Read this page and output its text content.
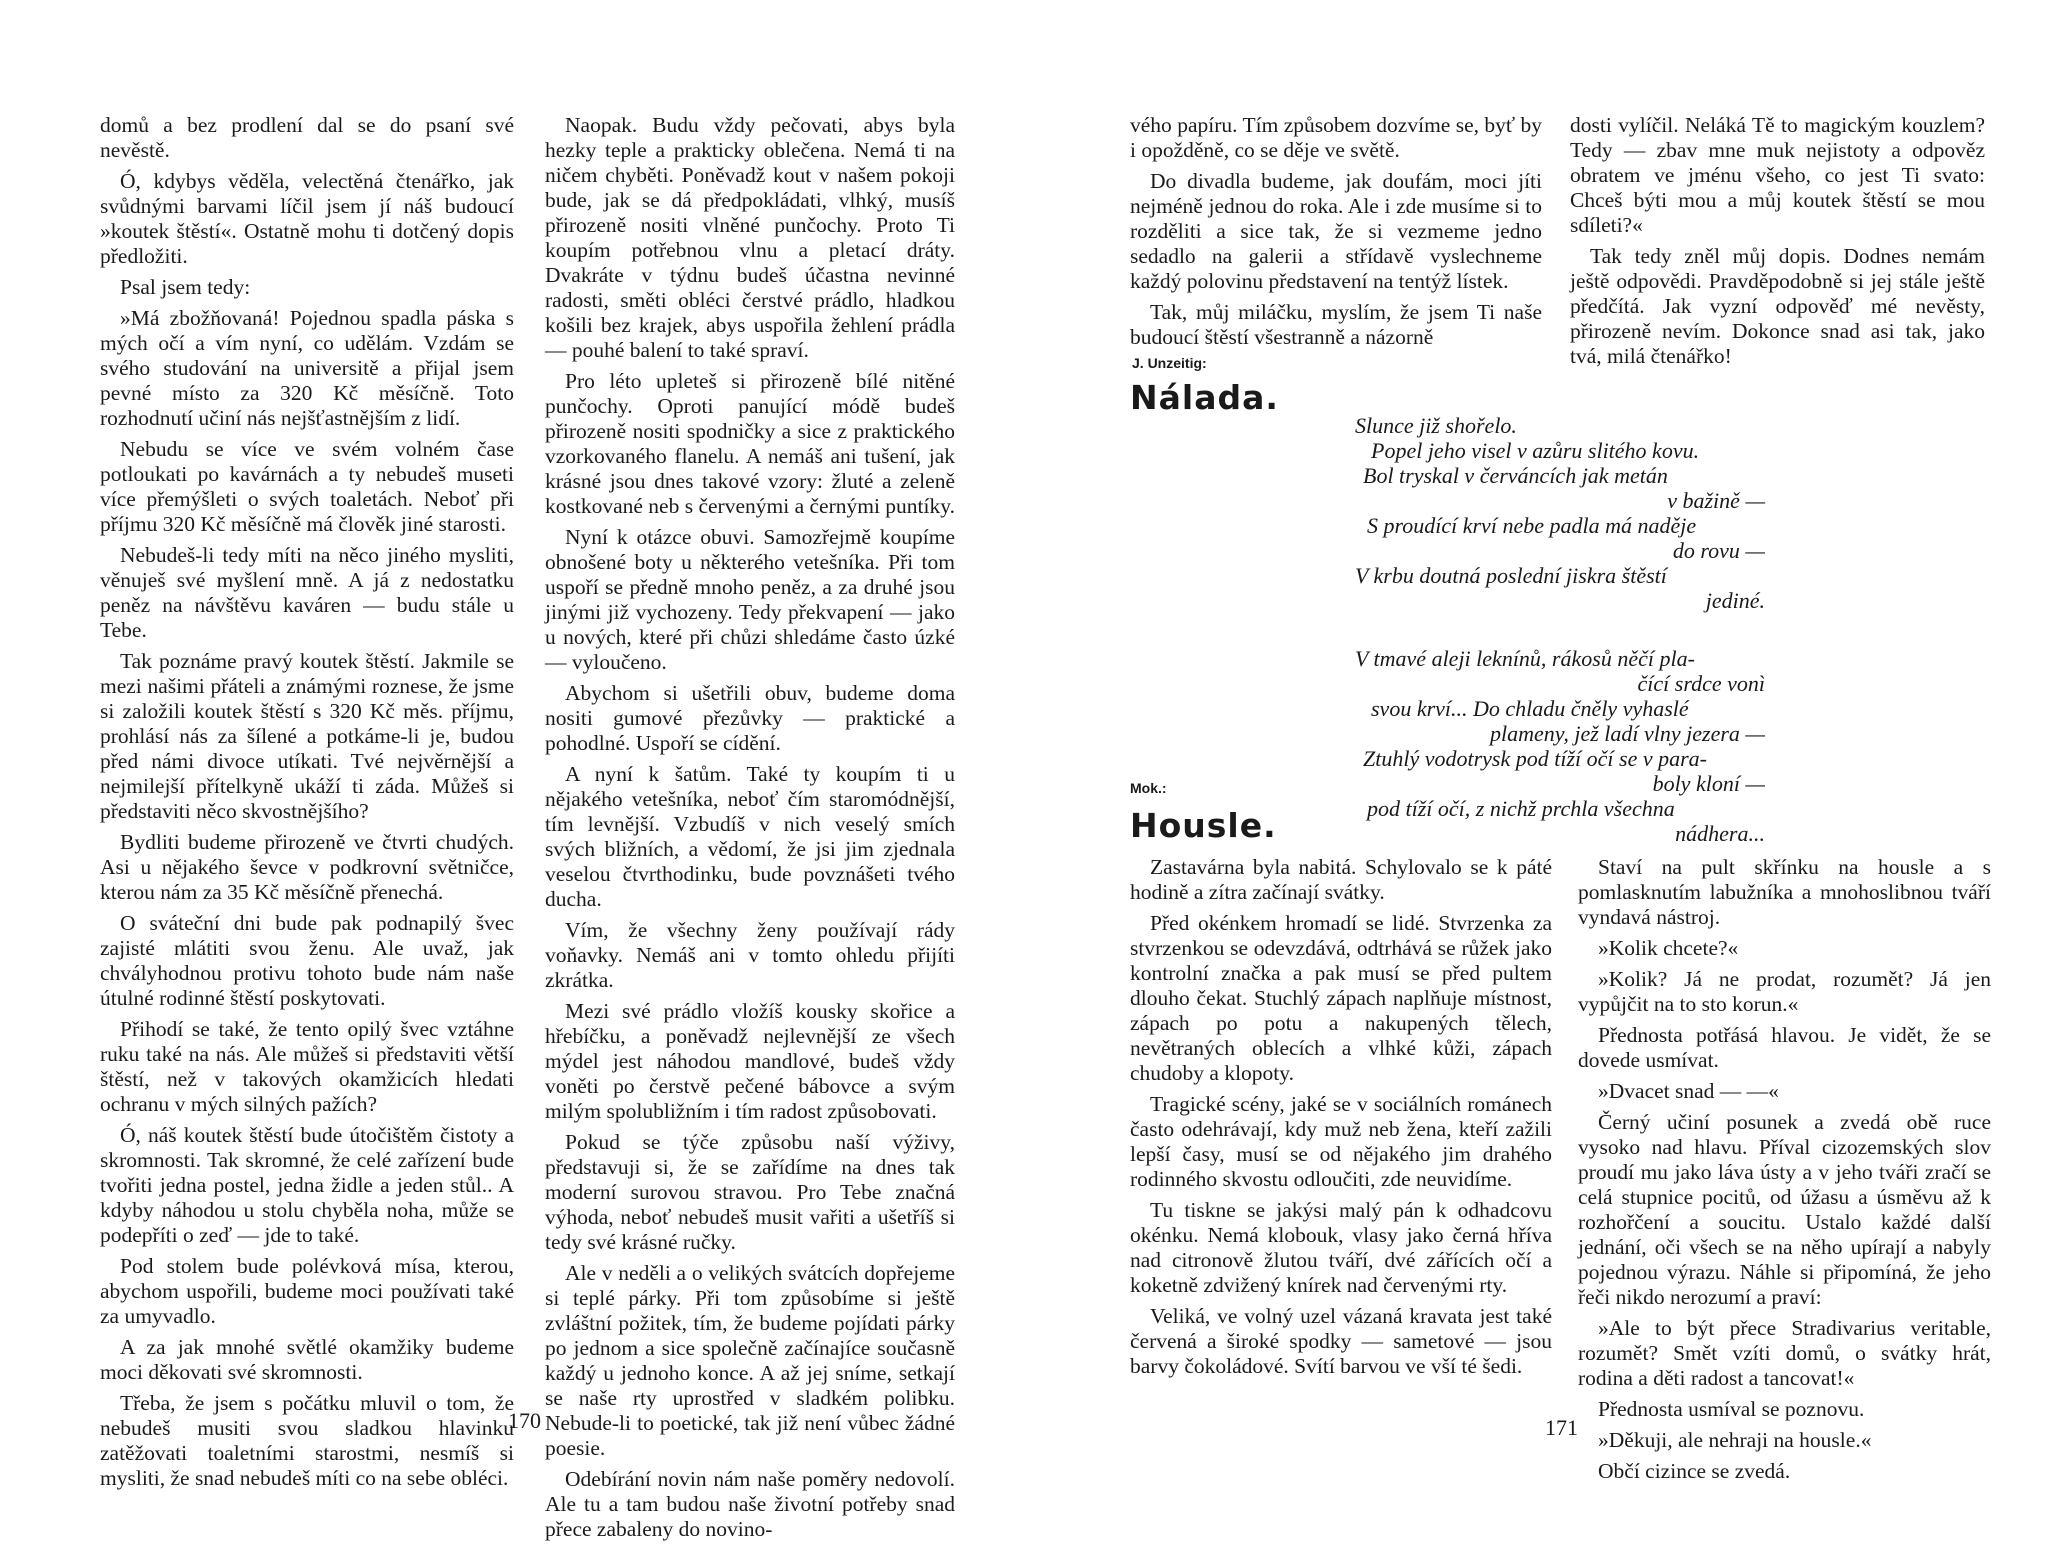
domů a bez prodlení dal se do psaní své nevěstě.

Ó, kdybys věděla, velectěná čtenářko, jak svůdnými barvami líčil jsem jí náš budoucí »koutek štěstí«. Ostatně mohu ti dotčený dopis předložiti.

Psal jsem tedy:

»Má zbožňovaná! Pojednou spadla páska s mých očí a vím nyní, co udělám. Vzdám se svého studování na universitě a přijal jsem pevné místo za 320 Kč měsíčně. Toto rozhodnutí učiní nás nejšťastnějším z lidí.

Nebudu se více ve svém volném čase potloukati po kavárnách a ty nebudeš museti více přemýšleti o svých toaletách. Neboť při příjmu 320 Kč měsíčně má člověk jiné starosti.

Nebudeš-li tedy míti na něco jiného mysliti, věnuješ své myšlení mně. A já z nedostatku peněz na návštěvu kaváren — budu stále u Tebe.

Tak poznáme pravý koutek štěstí. Jakmile se mezi našimi přáteli a známými roznese, že jsme si založili koutek štěstí s 320 Kč měs. příjmu, prohlásí nás za šílené a potkáme-li je, budou před námi divoce utíkati. Tvé nejvěrnější a nejmilejší přítelkyně ukáží ti záda. Můžeš si představiti něco skvostnějšího?

Bydliti budeme přirozeně ve čtvrti chudých. Asi u nějakého ševce v podkrovní světničce, kterou nám za 35 Kč měsíčně přenechá.

O sváteční dni bude pak podnapilý švec zajisté mlátiti svou ženu. Ale uvaž, jak chvályhodnou protivu tohoto bude nám naše útulné rodinné štěstí poskytovati.

Přihodí se také, že tento opilý švec vztáhne ruku také na nás. Ale můžeš si představiti větší štěstí, než v takových okamžicích hledati ochranu v mých silných pažích?

Ó, náš koutek štěstí bude útočištěm čistoty a skromnosti. Tak skromné, že celé zařízení bude tvořiti jedna postel, jedna židle a jeden stůl.. A kdyby náhodou u stolu chyběla noha, může se podepříti o zeď — jde to také.

Pod stolem bude polévková mísa, kterou, abychom uspořili, budeme moci používati také za umyvadlo.

A za jak mnohé světlé okamžiky budeme moci děkovati své skromnosti.

Třeba, že jsem s počátku mluvil o tom, že nebudeš musiti svou sladkou hlavinku zatěžovati toaletními starostmi, nesmíš si mysliti, že snad nebudeš míti co na sebe obléci.

Naopak. Budu vždy pečovati, abys byla hezky teple a prakticky oblečena. Nemá ti na ničem chyběti. Poněvadž kout v našem pokoji bude, jak se dá předpokládati, vlhký, musíš přirozeně nositi vlněné punčochy. Proto Ti koupím potřebnou vlnu a pletací dráty. Dvakráte v týdnu budeš účastna nevinné radosti, směti obléci čerstvé prádlo, hladkou košili bez krajek, abys uspořila žehlení prádla — pouhé balení to také spraví.

Pro léto upleteš si přirozeně bílé nitěné punčochy. Oproti panující módě budeš přirozeně nositi spodničky a sice z praktického vzorkovaného flanelu. A nemáš ani tušení, jak krásné jsou dnes takové vzory: žluté a zeleně kostkované neb s červenými a černými puntíky.

Nyní k otázce obuvi. Samozřejmě koupíme obnošené boty u některého vetešníka. Při tom uspoří se předně mnoho peněz, a za druhé jsou jinými již vychozeny. Tedy překvapení — jako u nových, které při chůzi shledáme často úzké — vyloučeno.

Abychom si ušetřili obuv, budeme doma nositi gumové přezůvky — praktické a pohodlné. Uspoří se cídění.

A nyní k šatům. Také ty koupím ti u nějakého vetešníka, neboť čím staromódnější, tím levnější. Vzbudíš v nich veselý smích svých bližních, a vědomí, že jsi jim zjednala veselou čtvrthodinku, bude povznášeti tvého ducha.

Vím, že všechny ženy používají rády voňavky. Nemáš ani v tomto ohledu přijíti zkrátka.

Mezi své prádlo vložíš kousky skořice a hřebíčku, a poněvadž nejlevnější ze všech mýdel jest náhodou mandlové, budeš vždy voněti po čerstvě pečené bábovce a svým milým spolubližním i tím radost způsobovati.

Pokud se týče způsobu naší výživy, představuji si, že se zařídíme na dnes tak moderní surovou stravou. Pro Tebe značná výhoda, neboť nebudeš musit vařiti a ušetříš si tedy své krásné ručky.

Ale v neděli a o velikých svátcích dopřejeme si teplé párky. Při tom způsobíme si ještě zvláštní požitek, tím, že budeme pojídati párky po jednom a sice společně začínajíce současně každý u jednoho konce. A až jej sníme, setkají se naše rty uprostřed v sladkém polibku. Nebude-li to poetické, tak již není vůbec žádné poesie.

Odebírání novin nám naše poměry nedovolí. Ale tu a tam budou naše životní potřeby snad přece zabaleny do novino-

170

vého papíru. Tím způsobem dozvíme se, byť by i opožděně, co se děje ve světě.

Do divadla budeme, jak doufám, moci jíti nejméně jednou do roka. Ale i zde musíme si to rozděliti a sice tak, že si vezmeme jedno sedadlo na galerii a střídavě vyslechneme každý polovinu představení na tentýž lístek.

Tak, můj miláčku, myslím, že jsem Ti naše budoucí štěstí všestranně a názorně

dosti vylíčil. Neláká Tě to magickým kouzlem? Tedy — zbav mne muk nejistoty a odpověz obratem ve jménu všeho, co jest Ti svato: Chceš býti mou a můj koutek štěstí se mou sdíleti?«

Tak tedy zněl můj dopis. Dodnes nemám ještě odpovědi. Pravděpodobně si jej stále ještě předčítá. Jak vyzní odpověď mé nevěsty, přirozeně nevím. Dokonce snad asi tak, jako tvá, milá čtenářko!

J. Unzeitig:
Nálada.
Slunce již shořelo.
Popel jeho visel v azůru slitého kovu.
Bol tryskal v červáncích jak metán
v bažině —
S proudící krví nebe padla má naděje
do rovu —
V krbu doutná poslední jiskra štěstí
jediné.
V tmavé aleji leknínů, rákosů něčí pla-
čící srdce vonì
svou krví... Do chladu čněly vyhaslé
plameny, jež ladí vlny jezera —
Ztuhlý vodotrysk pod tíží očí se v para-
boly kloní —
pod tíží očí, z nichž prchla všechna
nádhera...
Mok.:
Housle.

Zastavárna byla nabitá. Schylovalo se k páté hodině a zítra začínají svátky.

Před okénkem hromadí se lidé. Stvrzenka za stvrzenkou se odevzdává, odtrhává se růžek jako kontrolní značka a pak musí se před pultem dlouho čekat. Stuchlý zápach naplňuje místnost, zápach po potu a nakupených tělech, nevětraných oblecích a vlhké kůži, zápach chudoby a klopoty.

Tragické scény, jaké se v sociálních románech často odehrávají, kdy muž neb žena, kteří zažili lepší časy, musí se od nějakého jim drahého rodinného skvostu odloučiti, zde neuvidíme.

Tu tiskne se jakýsi malý pán k odhadcovu okénku. Nemá klobouk, vlasy jako černá hříva nad citronově žlutou tváří, dvé zářících očí a koketně zdvižený knírek nad červenými rty.

Veliká, ve volný uzel vázaná kravata jest také červená a široké spodky — sametové — jsou barvy čokoládové. Svítí barvou ve vší té šedi.

Staví na pult skřínku na housle a s pomlasknutím labužníka a mnohoslibnou tváří vyndavá nástroj.

»Kolik chcete?«

»Kolik? Já ne prodat, rozumět? Já jen vypůjčit na to sto korun.«

Přednosta potřásá hlavou. Je vidět, že se dovede usmívat.

»Dvacet snad — —«

Černý učiní posunek a zvedá obě ruce vysoko nad hlavu. Příval cizozemských slov proudí mu jako láva ústy a v jeho tváři zračí se celá stupnice pocitů, od úžasu a úsměvu až k rozhořčení a soucitu. Ustalo každé další jednání, oči všech se na něho upírají a nabyly pojednou výrazu. Náhle si připomíná, že jeho řeči nikdo nerozumí a praví:

»Ale to být přece Stradivarius veritable, rozumět? Smět vzíti domů, o svátky hrát, rodina a děti radost a tancovat!«

Přednosta usmíval se poznovu.

»Děkuji, ale nehraji na housle.«

Občí cizince se zvedá.

171
